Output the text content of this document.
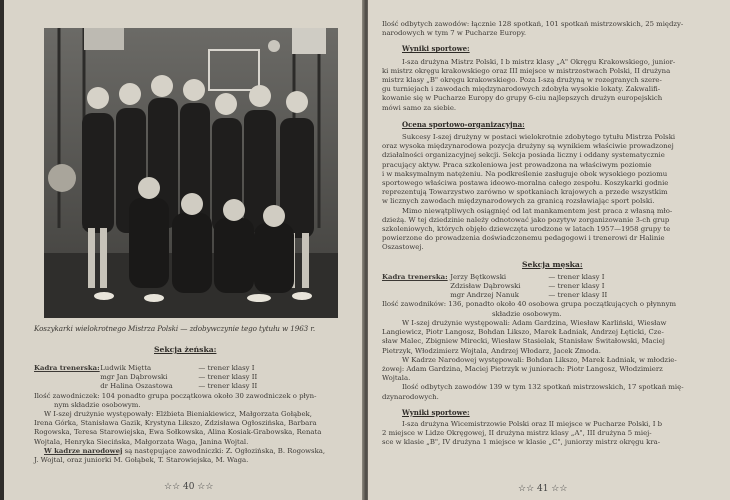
Koszykarki wielokrotnego Mistrza Polski — zdobywczynie tego tytułu w 1963 r.
Sekcja żeńska:
Kadra trenerska: Ludwik Miętta	— trener klasy I
mgr Jan Dąbrowski	— trener klasy II
dr Halina Oszastowa	— trener klasy II
Ilość zawodniczek: 104 ponadto grupa początkowa około 30 zawodniczek o płyn-
nym składzie osobowym.
W I-szej drużynie występowały: Elżbieta Bieniakiewicz, Małgorzata Gołąbek,
Irena Górka, Stanisława Gazik, Krystyna Likszo, Zdzisława Ogłoszińska, Barbara
Rogowska, Teresa Starowiejska, Ewa Sołkowska, Alina Kosiak-Grabowska, Renata
Wojtala, Henryka Siecińska, Małgorzata Waga, Janina Wojtal.
W kadrze narodowej są następujące zawodniczki: Z. Ogłozińska, B. Rogowska,
J. Wojtal, oraz juniorki M. Gołąbek, T. Starowiejska, M. Waga.
☆☆ 40 ☆☆
Ilość odbytych zawodów: łącznie 128 spotkań, 101 spotkań mistrzowskich, 25 między-
narodowych w tym 7 w Pucharze Europy.
Wyniki sportowe:
I-sza drużyna Mistrz Polski, I b mistrz klasy „A" Okręgu Krakowskiego, junior-
ki mistrz okręgu krakowskiego oraz III miejsce w mistrzostwach Polski, II drużyna
mistrz klasy „B" okręgu krakowskiego. Poza I-szą drużyną w rozegranych szere-
gu turniejach i zawodach międzynarodowych zdobyła wysokie lokaty. Zakwalifi-
kowanie się w Pucharze Europy do grupy 6-ciu najlepszych drużyn europejskich
mówi samo za siebie.
Ocena sportowo-organizacyjna:
Sukcesy I-szej drużyny w postaci wielokrotnie zdobytego tytułu Mistrza Polski
oraz wysoka międzynarodowa pozycja drużyny są wynikiem właściwie prowadzonej
działalności organizacyjnej sekcji. Sekcja posiada liczny i oddany systematycznie
pracujący aktyw. Praca szkoleniowa jest prowadzona na właściwym poziomie
i w maksymalnym natężeniu. Na podkreślenie zasługuje obok wysokiego poziomu
sportowego właściwa postawa ideowo-moralna całego zespołu. Koszykarki godnie
reprezentują Towarzystwo zarówno w spotkaniach krajowych a przede wszystkim
w licznych zawodach międzynarodowych za granicą rozsławiając sport polski.
Mimo niewątpliwych osiągnięć od lat mankamentem jest praca z własną mło-
dzieżą. W tej dziedzinie należy odnotować jako pozytyw zorganizowanie 3-ch grup
szkoleniowych, których objęło dziewczęta urodzone w latach 1957—1958 grupy te
powierzone do prowadzenia doświadczonemu pedagogowi i trenerowi dr Halinie
Oszastowej.
Sekcja męska:
Kadra trenerska: Jerzy Bętkowski	— trener klasy I
Zdzisław Dąbrowski	— trener klasy I
mgr Andrzej Nanuk	— trener klasy II
Ilość zawodników: 136, ponadto około 40 osobowa grupa początkujących o płynnym
składzie osobowym.
W I-szej drużynie występowali: Adam Gardzina, Wiesław Karliński, Wiesław
Langiewicz, Piotr Langosz, Bohdan Likszo, Marek Ładniak, Andrzej Łęticki, Cze-
sław Malec, Zbigniew Mirecki, Wiesław Stasielak, Stanisław Świtałowski, Maciej
Pietrzyk, Włodzimierz Wojtala, Andrzej Włodarz, Jacek Zmoda.
W Kadrze Narodowej występowali: Bohdan Likszo, Marek Ładniak, w młodzie-
żowej: Adam Gardzina, Maciej Pietrzyk w juniorach: Piotr Langosz, Włodzimierz
Wojtala.
Ilość odbytych zawodów 139 w tym 132 spotkań mistrzowskich, 17 spotkań mię-
dzynarodowych.
Wyniki sportowe:
I-sza drużyna Wicemistrzowie Polski oraz II miejsce w Pucharze Polski, I b
2 miejsce w Lidze Okręgowej, II drużyna mistrz klasy „A", III drużyna 5 miej-
sce w klasie „B", IV drużyna 1 miejsce w klasie „C", juniorzy mistrz okręgu kra-
☆☆ 41 ☆☆
